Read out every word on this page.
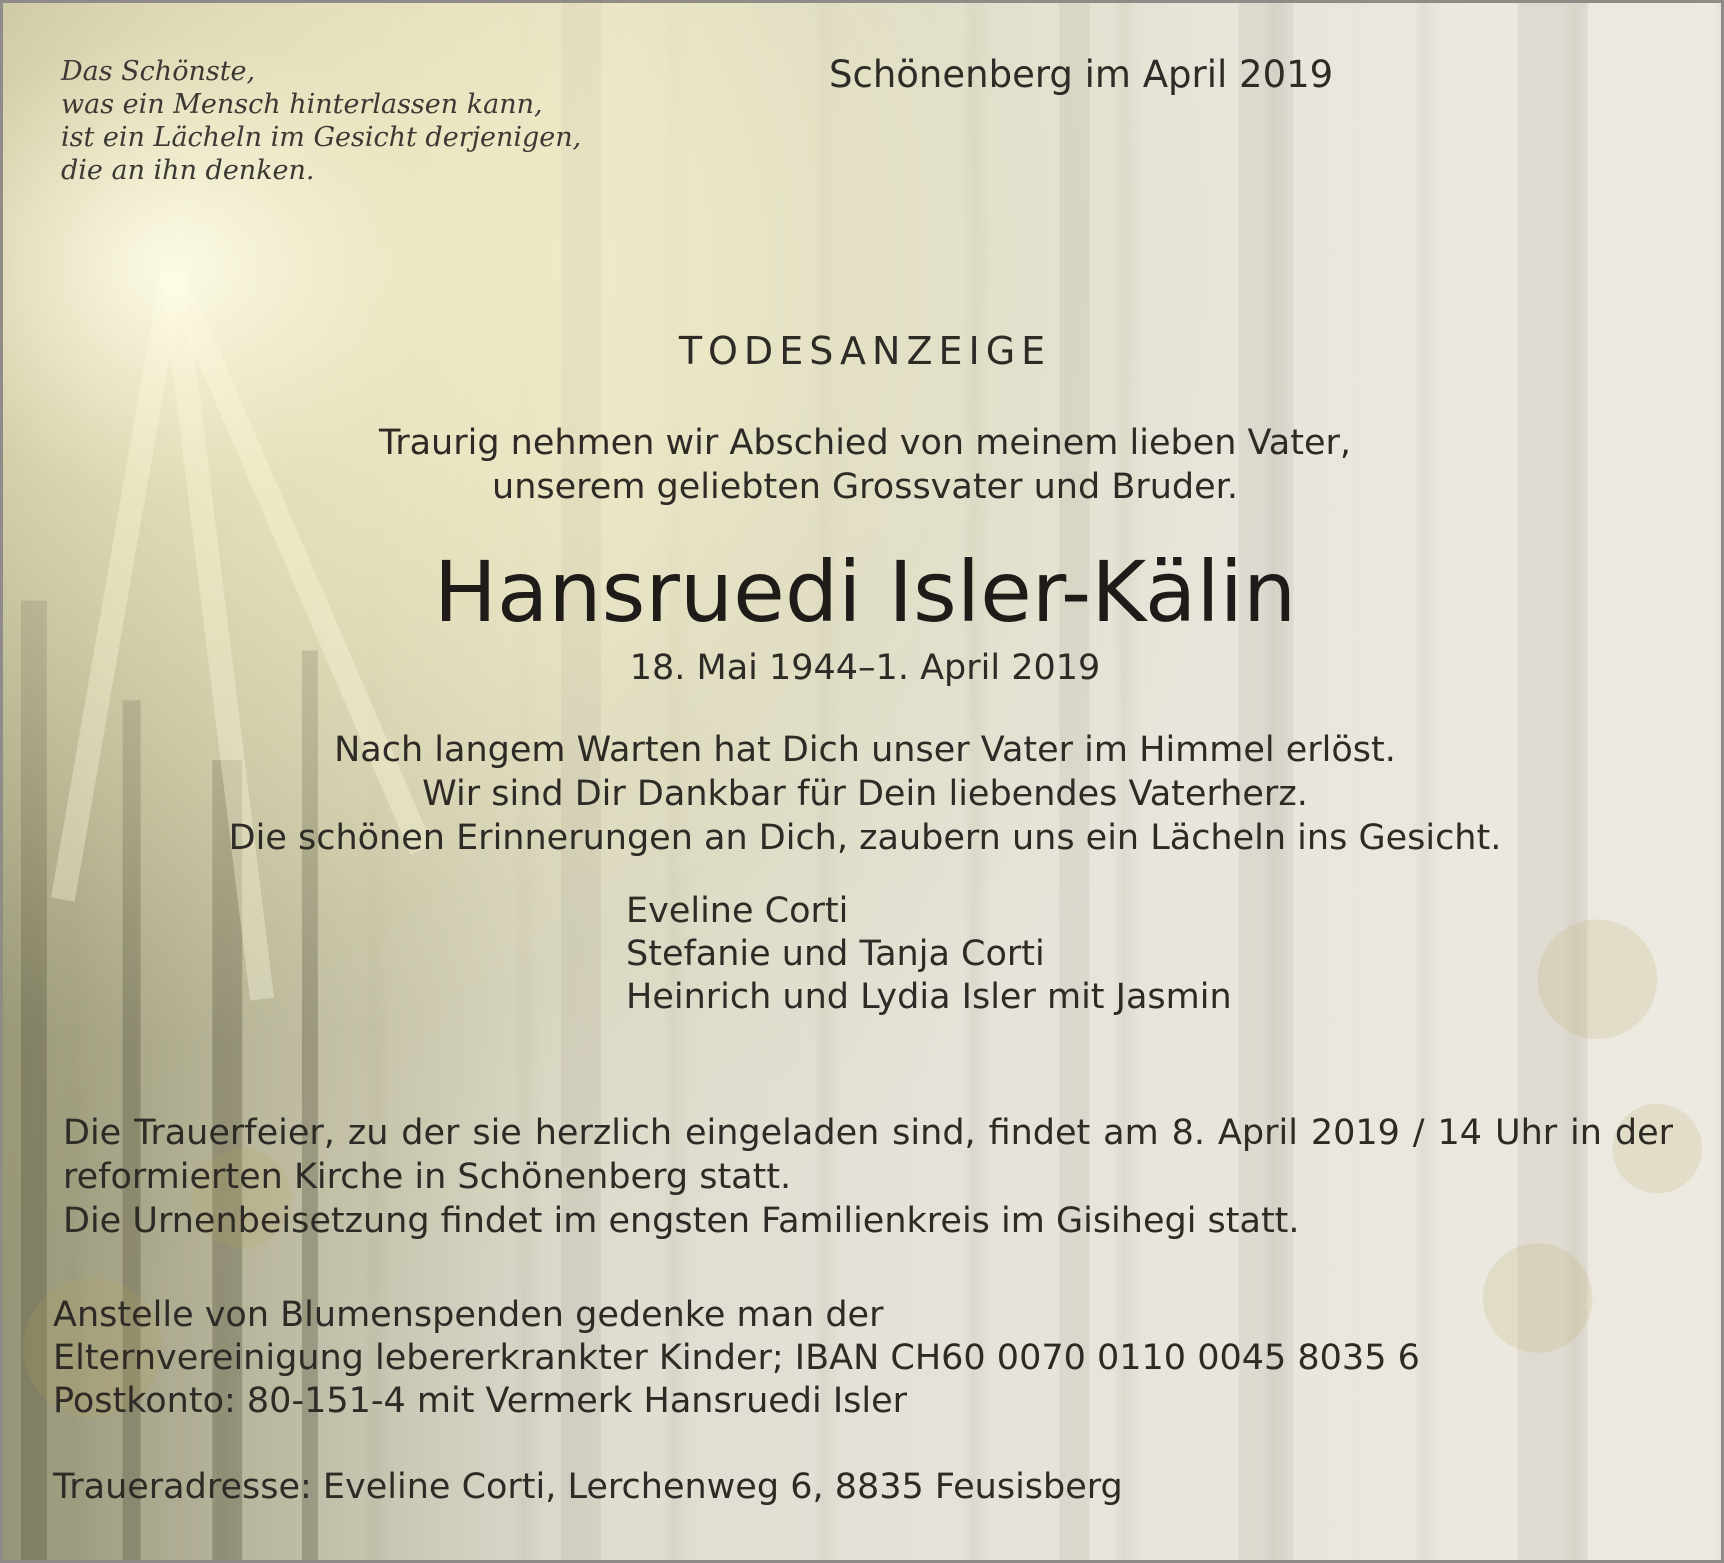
Das Schönste,
was ein Mensch hinterlassen kann,
ist ein Lächeln im Gesicht derjenigen,
die an ihn denken.
Schönenberg im April 2019
TODESANZEIGE
Traurig nehmen wir Abschied von meinem lieben Vater,
unserem geliebten Grossvater und Bruder.
Hansruedi Isler-Kälin
18. Mai 1944–1. April 2019
Nach langem Warten hat Dich unser Vater im Himmel erlöst.
Wir sind Dir Dankbar für Dein liebendes Vaterherz.
Die schönen Erinnerungen an Dich, zaubern uns ein Lächeln ins Gesicht.
Eveline Corti
Stefanie und Tanja Corti
Heinrich und Lydia Isler mit Jasmin
Die Trauerfeier, zu der sie herzlich eingeladen sind, findet am 8. April 2019 / 14 Uhr in der reformierten Kirche in Schönenberg statt.
Die Urnenbeisetzung findet im engsten Familienkreis im Gisihegi statt.
Anstelle von Blumenspenden gedenke man der
Elternvereinigung lebererkrankter Kinder; IBAN CH60 0070 0110 0045 8035 6
Postkonto: 80-151-4 mit Vermerk Hansruedi Isler
Traueradresse: Eveline Corti, Lerchenweg 6, 8835 Feusisberg
